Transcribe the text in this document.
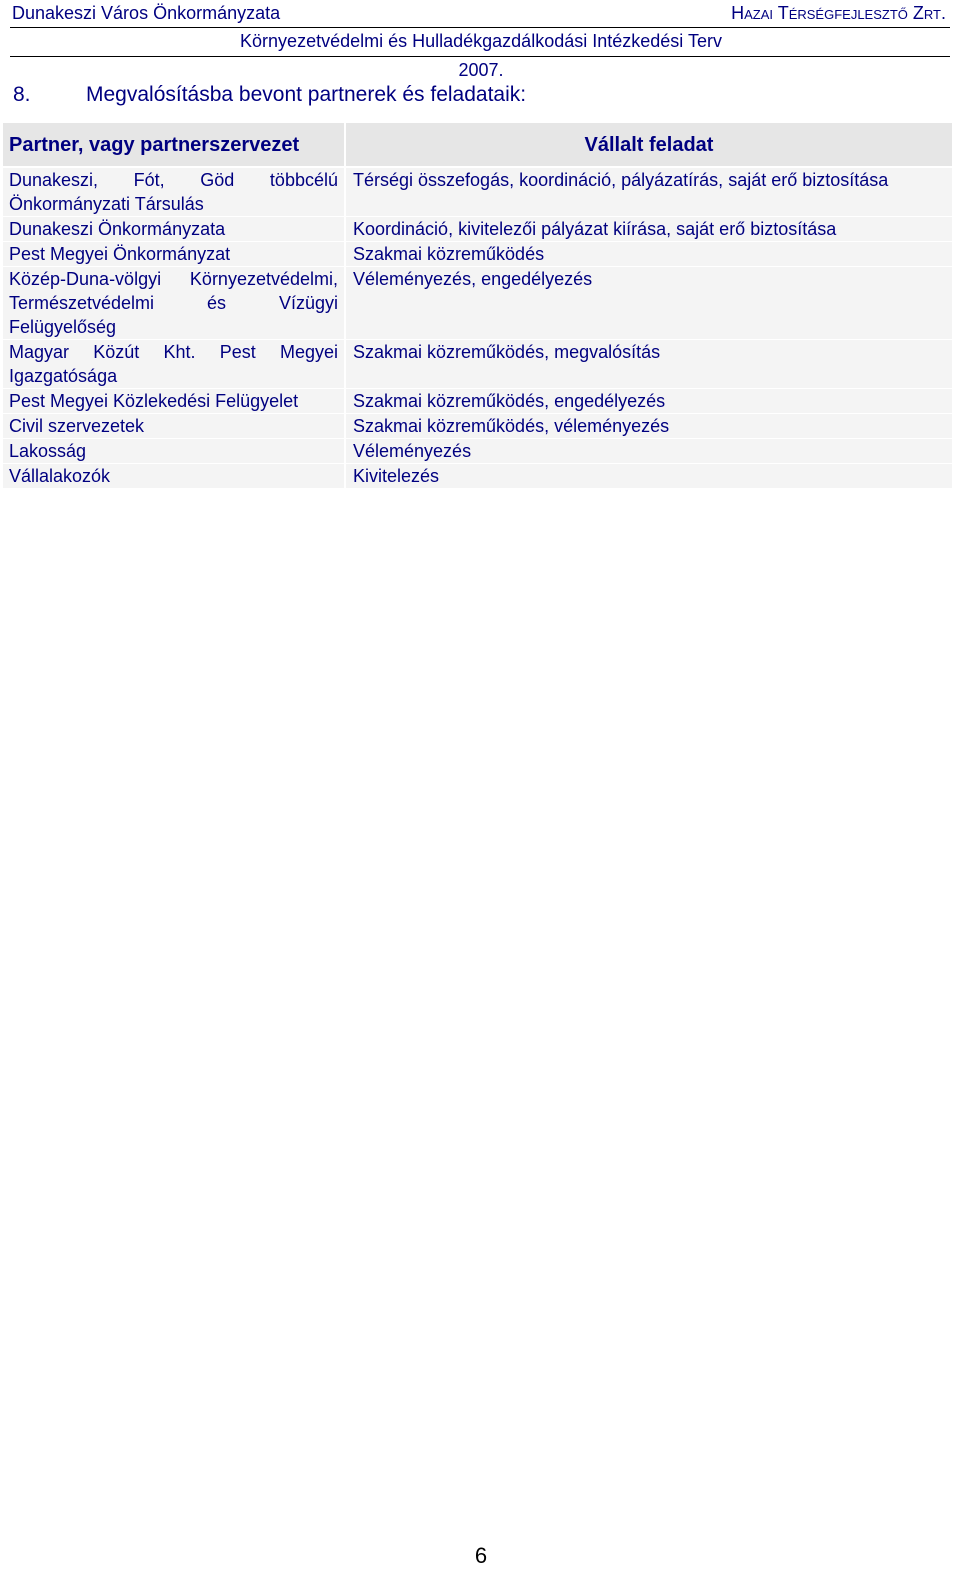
Dunakeszi Város Önkormányzata	Hazai Térségfejlesztő Zrt.
Környezetvédelmi és Hulladékgazdálkodási Intézkedési Terv
2007.
8.	Megvalósításba bevont partnerek és feladataik:
Partner, vagy partnerszervezet	Vállalt feladat
Dunakeszi, Fót, Göd többcélú Önkormányzati Társulás	Térségi összefogás, koordináció, pályázatírás, saját erő biztosítása
Dunakeszi Önkormányzata	Koordináció, kivitelezői pályázat kiírása, saját erő biztosítása
Pest Megyei Önkormányzat	Szakmai közreműködés
Közép-Duna-völgyi Környezetvédelmi, Természetvédelmi és Vízügyi Felügyelőség	Véleményezés, engedélyezés
Magyar Közút Kht. Pest Megyei Igazgatósága	Szakmai közreműködés, megvalósítás
Pest Megyei Közlekedési Felügyelet	Szakmai közreműködés, engedélyezés
Civil szervezetek	Szakmai közreműködés, véleményezés
Lakosság	Véleményezés
Vállalakozók	Kivitelezés
6
